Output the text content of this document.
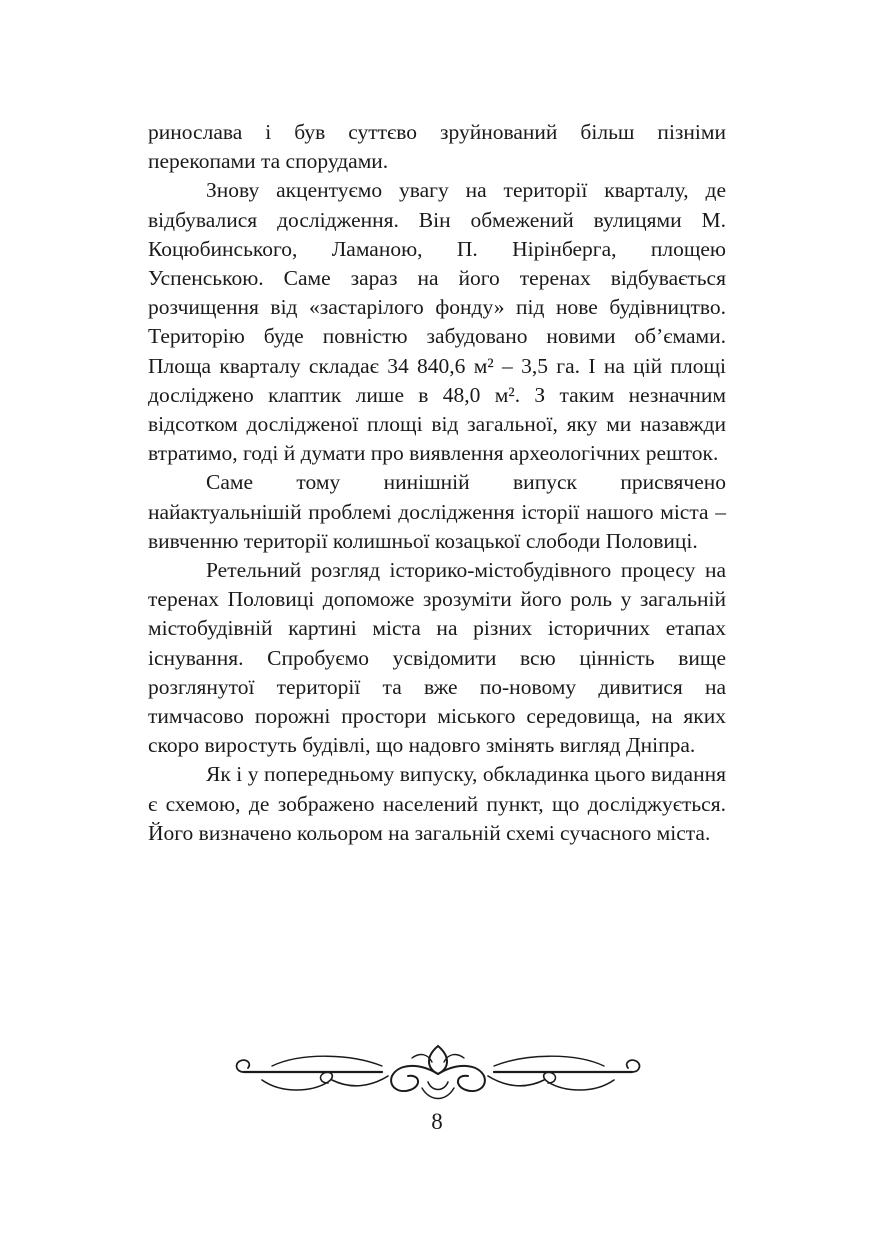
ринослава і був суттєво зруйнований більш пізніми перекопами та спорудами.

Знову акцентуємо увагу на території кварталу, де відбувалися дослідження. Він обмежений вулицями М. Коцюбинського, Ламаною, П. Нірінберга, площею Успенською. Саме зараз на його теренах відбувається розчищення від «застарілого фонду» під нове будівництво. Територію буде повністю забудовано новими об’ємами. Площа кварталу складає 34 840,6 м² – 3,5 га. І на цій площі досліджено клаптик лише в 48,0 м². З таким незначним відсотком дослідженої площі від загальної, яку ми назавжди втратимо, годі й думати про виявлення археологічних решток.

Саме тому нинішній випуск присвячено найактуальнішій проблемі дослідження історії нашого міста – вивченню території колишньої козацької слободи Половиці.

Ретельний розгляд історико-містобудівного процесу на теренах Половиці допоможе зрозуміти його роль у загальній містобудівній картині міста на різних історичних етапах існування. Спробуємо усвідомити всю цінність вище розглянутої території та вже по-новому дивитися на тимчасово порожні простори міського середовища, на яких скоро виростуть будівлі, що надовго змінять вигляд Дніпра.

Як і у попередньому випуску, обкладинка цього видання є схемою, де зображено населений пункт, що досліджується. Його визначено кольором на загальній схемі сучасного міста.

8
